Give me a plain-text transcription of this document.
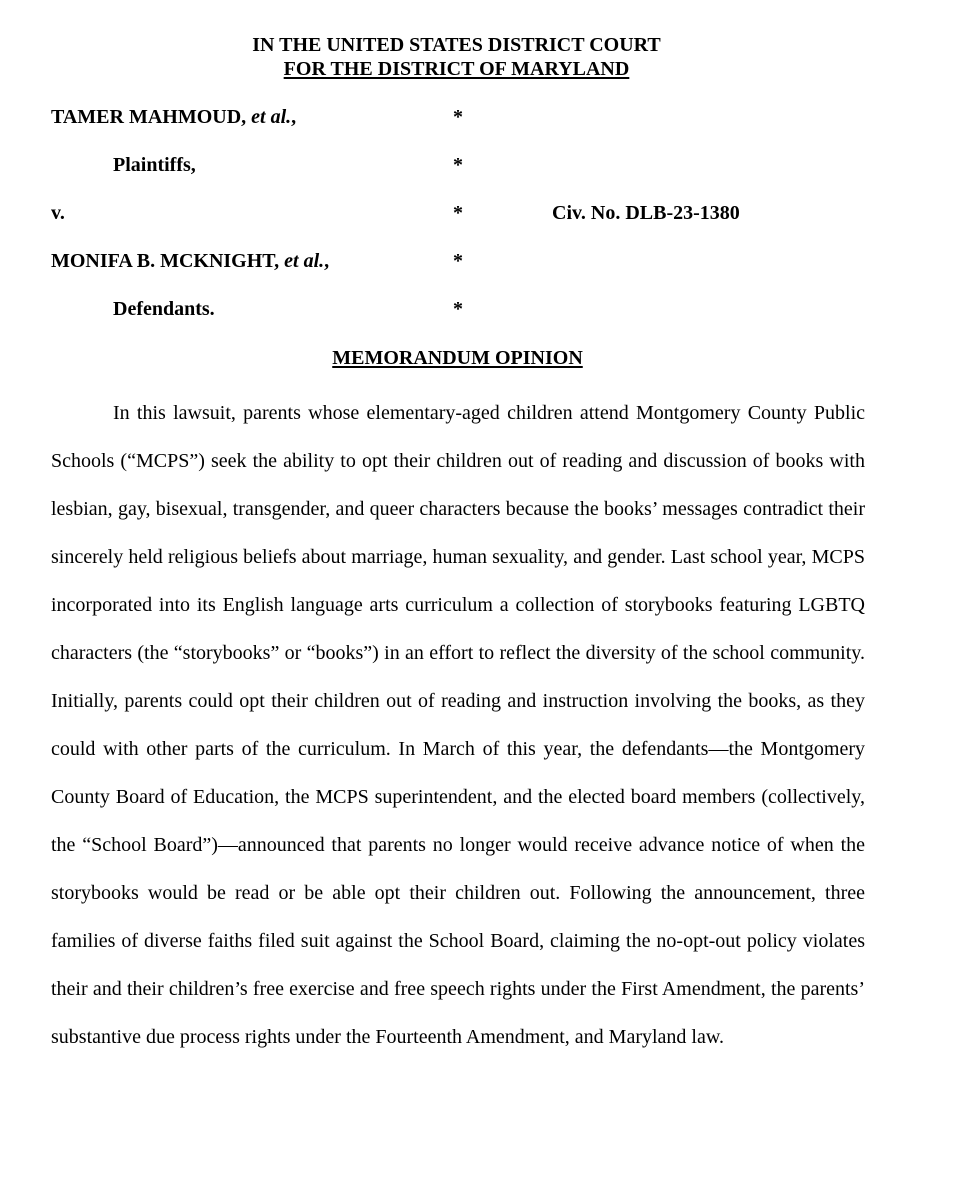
IN THE UNITED STATES DISTRICT COURT
FOR THE DISTRICT OF MARYLAND
TAMER MAHMOUD, et al.,	*
Plaintiffs,	*
v.	*	Civ. No. DLB-23-1380
MONIFA B. MCKNIGHT, et al.,	*
Defendants.	*
MEMORANDUM OPINION

In this lawsuit, parents whose elementary-aged children attend Montgomery County Public Schools (“MCPS”) seek the ability to opt their children out of reading and discussion of books with lesbian, gay, bisexual, transgender, and queer characters because the books’ messages contradict their sincerely held religious beliefs about marriage, human sexuality, and gender. Last school year, MCPS incorporated into its English language arts curriculum a collection of storybooks featuring LGBTQ characters (the “storybooks” or “books”) in an effort to reflect the diversity of the school community. Initially, parents could opt their children out of reading and instruction involving the books, as they could with other parts of the curriculum. In March of this year, the defendants—the Montgomery County Board of Education, the MCPS superintendent, and the elected board members (collectively, the “School Board”)—announced that parents no longer would receive advance notice of when the storybooks would be read or be able opt their children out. Following the announcement, three families of diverse faiths filed suit against the School Board, claiming the no-opt-out policy violates their and their children’s free exercise and free speech rights under the First Amendment, the parents’ substantive due process rights under the Fourteenth Amendment, and Maryland law.
